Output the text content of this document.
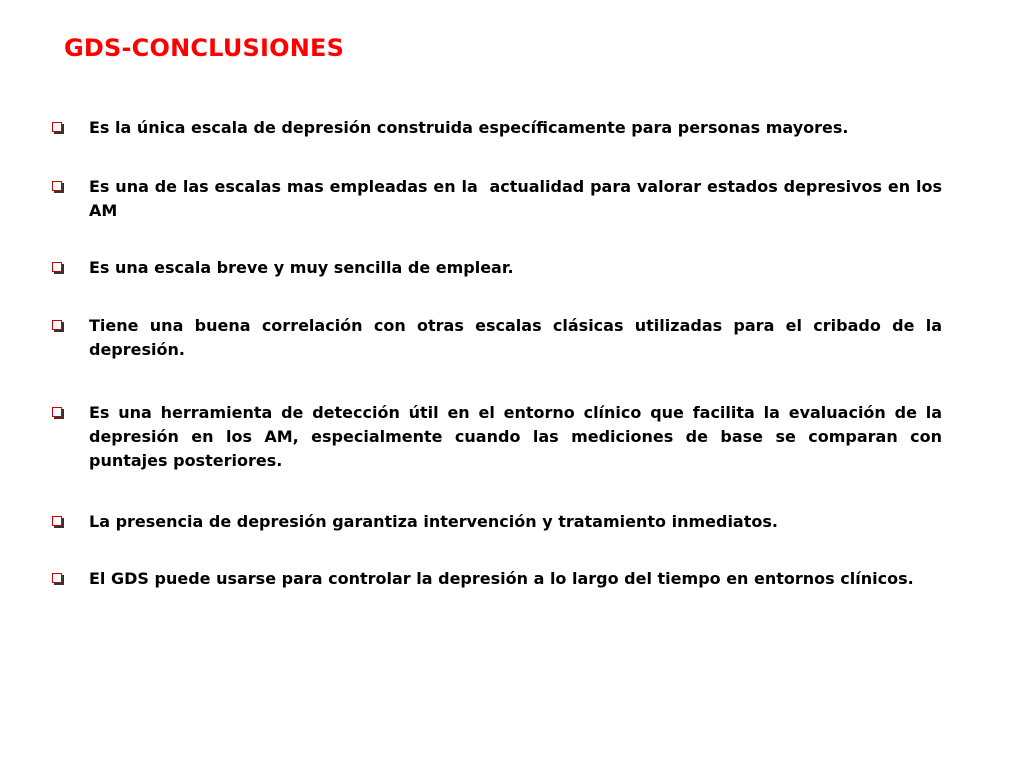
GDS-CONCLUSIONES
Es la única escala de depresión construida específicamente para personas mayores.
Es una de las escalas mas empleadas en la  actualidad para valorar estados depresivos en los AM
Es una escala breve y muy sencilla de emplear.
Tiene una buena correlación con otras escalas clásicas utilizadas para el cribado de la depresión.
Es una herramienta de detección útil en el entorno clínico que facilita la evaluación de la depresión en los AM, especialmente cuando las mediciones de base se comparan con puntajes posteriores.
La presencia de depresión garantiza intervención y tratamiento inmediatos.
El GDS puede usarse para controlar la depresión a lo largo del tiempo en entornos clínicos.
